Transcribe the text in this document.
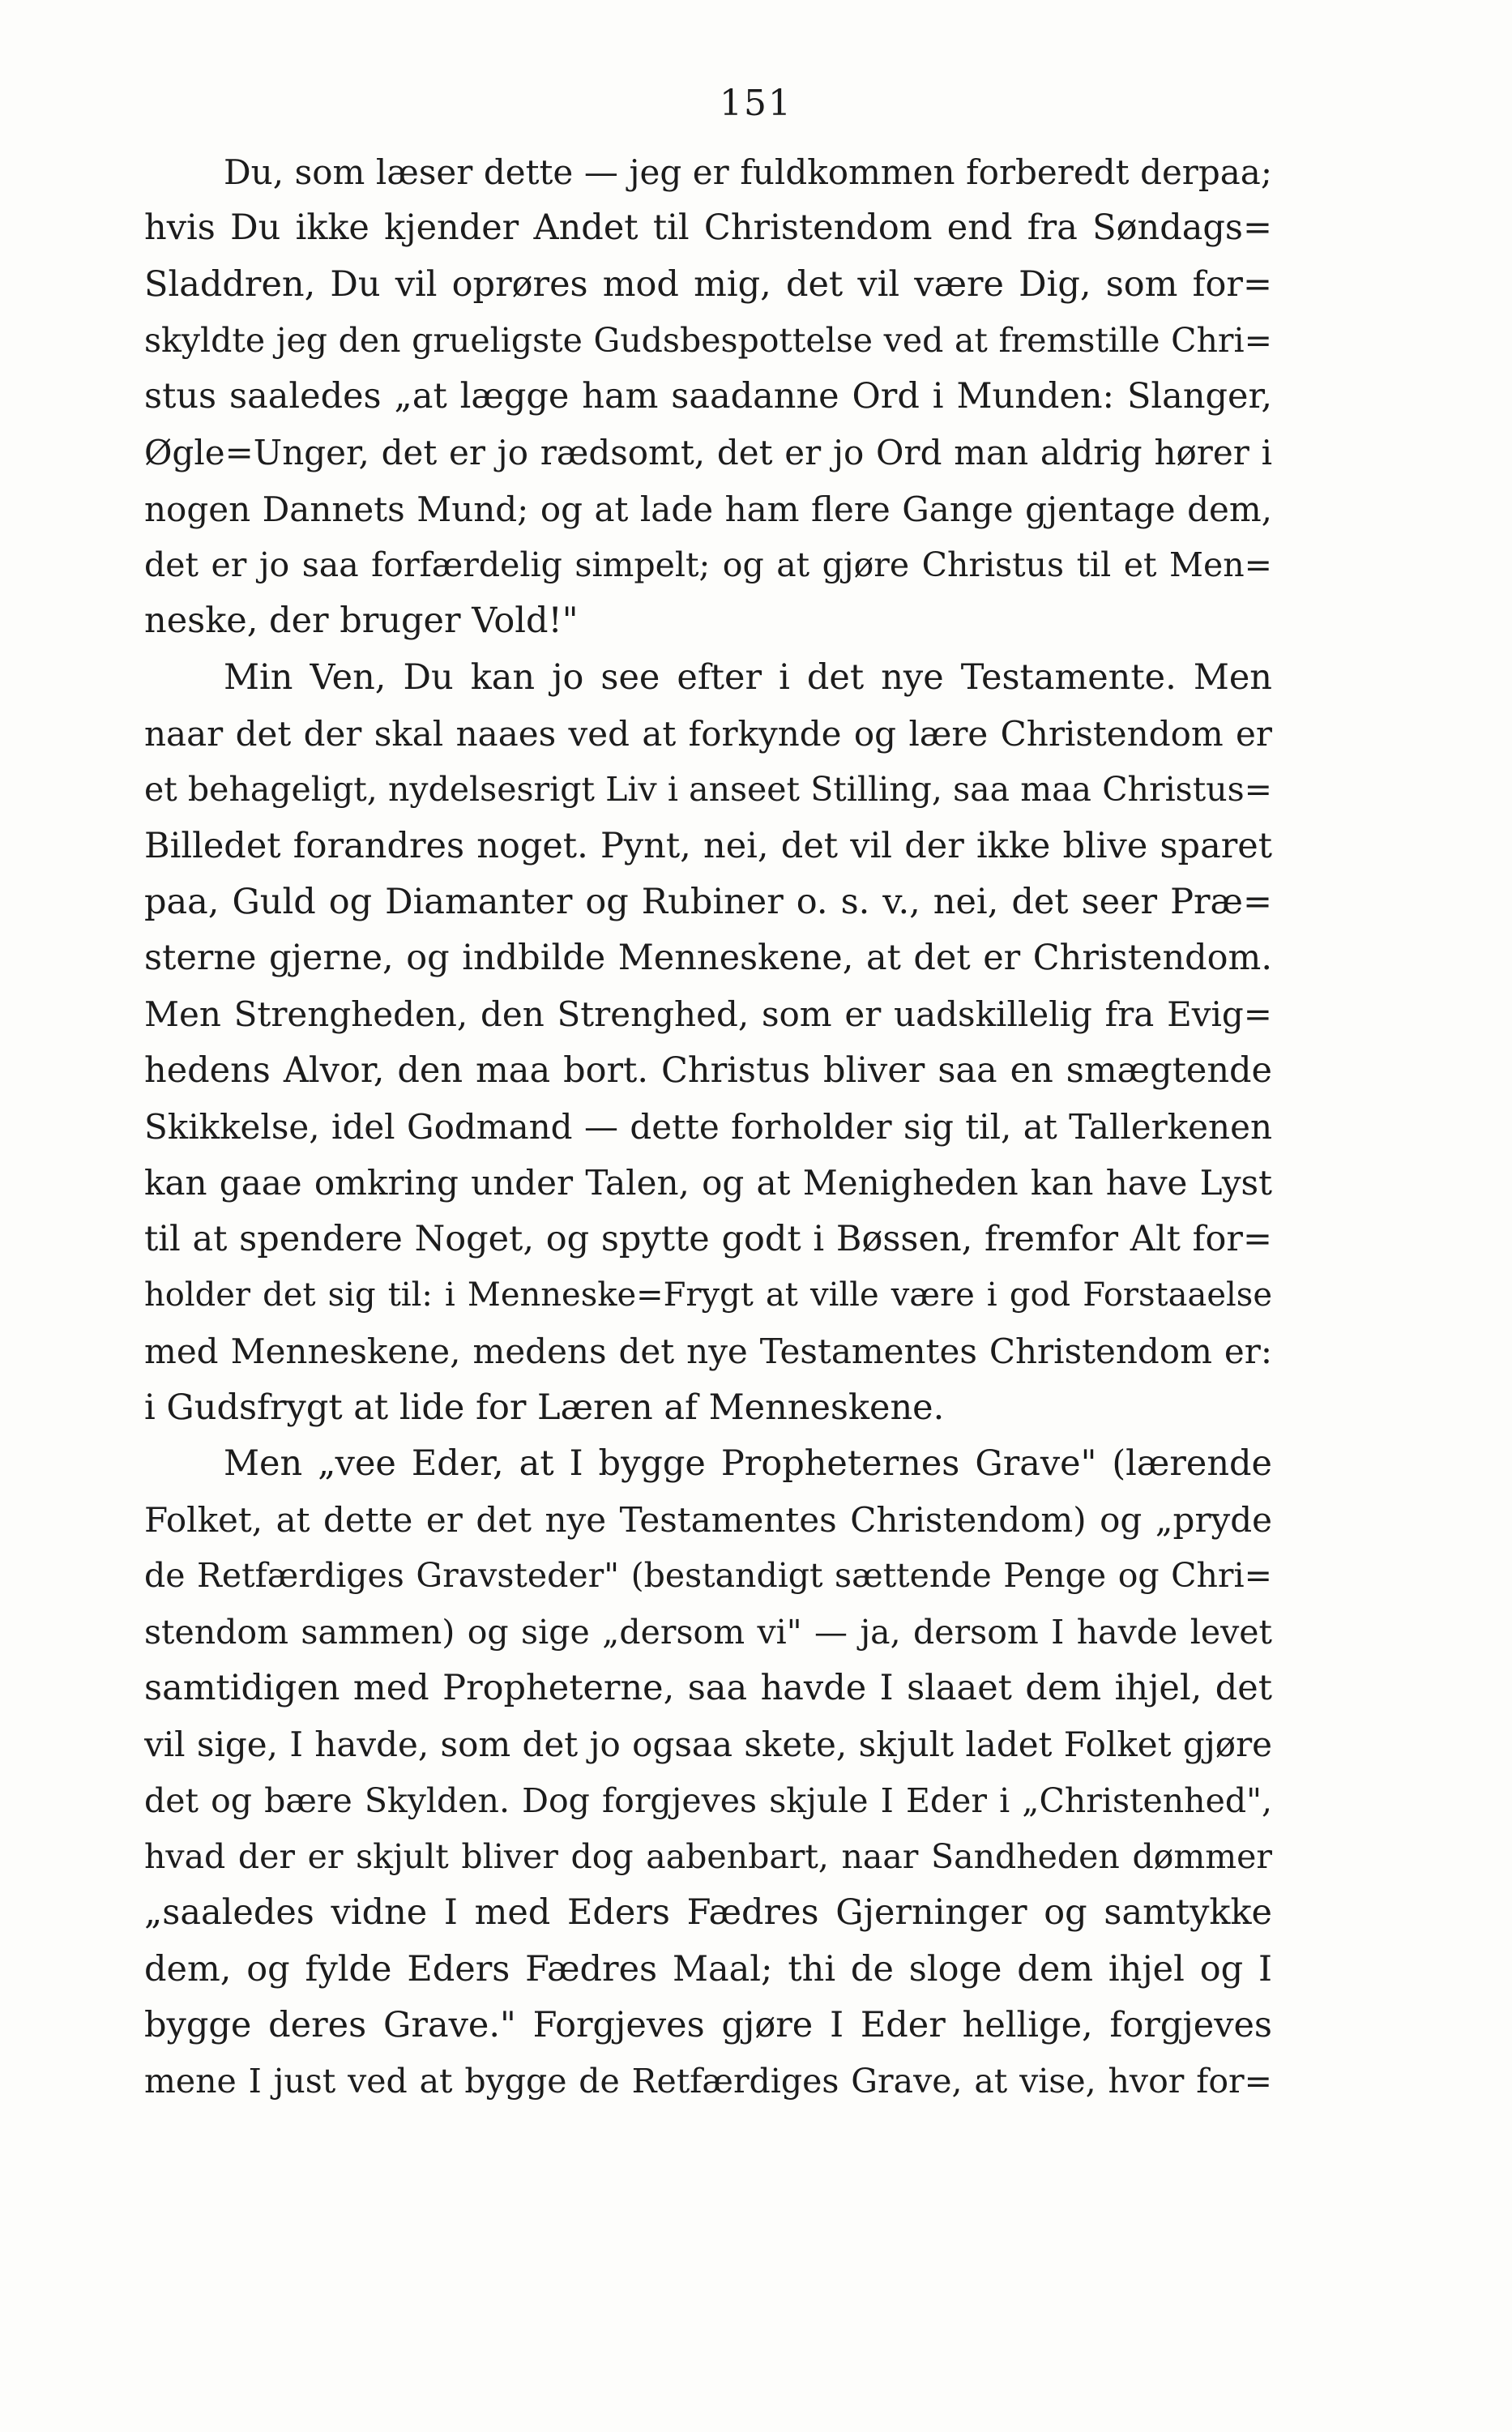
151
Du, som læser dette — jeg er fuldkommen forberedt derpaa;
hvis Du ikke kjender Andet til Christendom end fra Søndags=
Sladdren, Du vil oprøres mod mig, det vil være Dig, som for=
skyldte jeg den grueligste Gudsbespottelse ved at fremstille Chri=
stus saaledes „at lægge ham saadanne Ord i Munden: Slanger,
Øgle=Unger, det er jo rædsomt, det er jo Ord man aldrig hører i
nogen Dannets Mund; og at lade ham flere Gange gjentage dem,
det er jo saa forfærdelig simpelt; og at gjøre Christus til et Men=
neske, der bruger Vold!"
Min Ven, Du kan jo see efter i det nye Testamente. Men
naar det der skal naaes ved at forkynde og lære Christendom er
et behageligt, nydelsesrigt Liv i anseet Stilling, saa maa Christus=
Billedet forandres noget. Pynt, nei, det vil der ikke blive sparet
paa, Guld og Diamanter og Rubiner o. s. v., nei, det seer Præ=
sterne gjerne, og indbilde Menneskene, at det er Christendom.
Men Strengheden, den Strenghed, som er uadskillelig fra Evig=
hedens Alvor, den maa bort. Christus bliver saa en smægtende
Skikkelse, idel Godmand — dette forholder sig til, at Tallerkenen
kan gaae omkring under Talen, og at Menigheden kan have Lyst
til at spendere Noget, og spytte godt i Bøssen, fremfor Alt for=
holder det sig til: i Menneske=Frygt at ville være i god Forstaaelse
med Menneskene, medens det nye Testamentes Christendom er:
i Gudsfrygt at lide for Læren af Menneskene.
Men „vee Eder, at I bygge Propheternes Grave" (lærende
Folket, at dette er det nye Testamentes Christendom) og „pryde
de Retfærdiges Gravsteder" (bestandigt sættende Penge og Chri=
stendom sammen) og sige „dersom vi" — ja, dersom I havde levet
samtidigen med Propheterne, saa havde I slaaet dem ihjel, det
vil sige, I havde, som det jo ogsaa skete, skjult ladet Folket gjøre
det og bære Skylden. Dog forgjeves skjule I Eder i „Christenhed",
hvad der er skjult bliver dog aabenbart, naar Sandheden dømmer
„saaledes vidne I med Eders Fædres Gjerninger og samtykke
dem, og fylde Eders Fædres Maal; thi de sloge dem ihjel og I
bygge deres Grave." Forgjeves gjøre I Eder hellige, forgjeves
mene I just ved at bygge de Retfærdiges Grave, at vise, hvor for=
